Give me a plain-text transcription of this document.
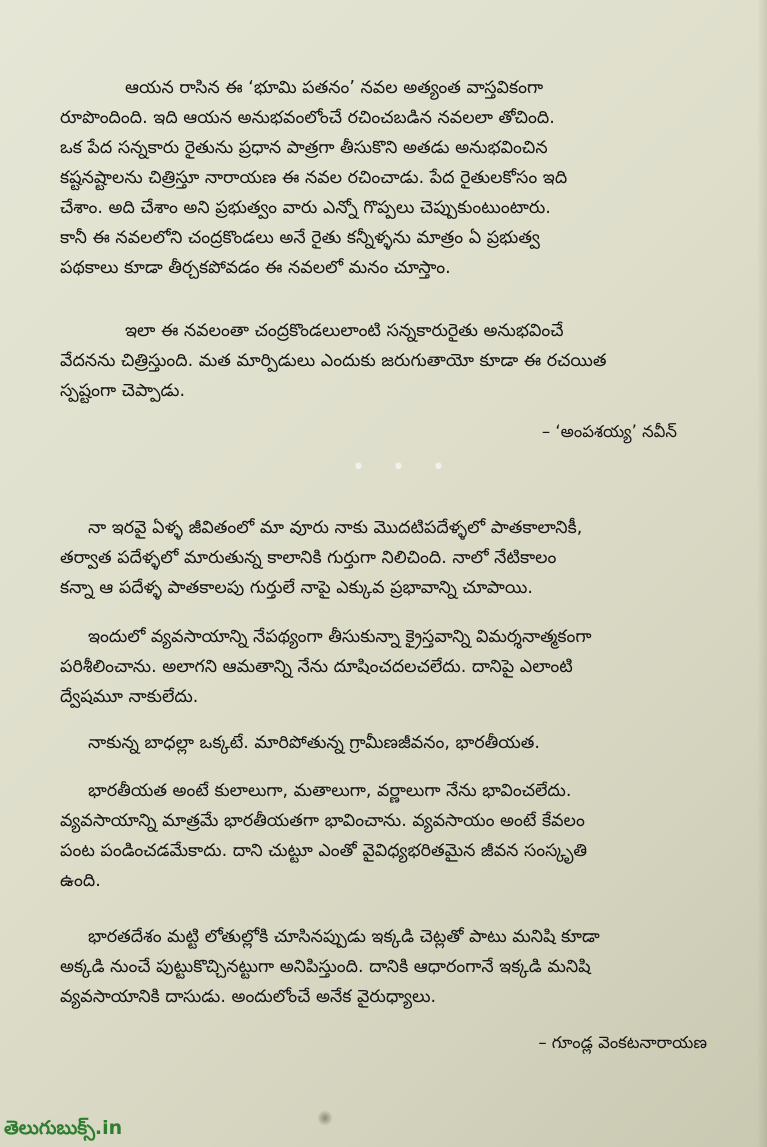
ఆయన రాసిన ఈ ‘భూమి పతనం’ నవల అత్యంత వాస్తవికంగా
రూపొందింది. ఇది ఆయన అనుభవంలోంచే రచించబడిన నవలలా తోచింది.
ఒక పేద సన్నకారు రైతును ప్రధాన పాత్రగా తీసుకొని అతడు అనుభవించిన
కష్టనష్టాలను చిత్రిస్తూ నారాయణ ఈ నవల రచించాడు. పేద రైతులకోసం ఇది
చేశాం. అది చేశాం అని ప్రభుత్వం వారు ఎన్నో గొప్పలు చెప్పుకుంటుంటారు.
కానీ ఈ నవలలోని చంద్రకొండలు అనే రైతు కన్నీళ్ళను మాత్రం ఏ ప్రభుత్వ
పథకాలు కూడా తీర్చకపోవడం ఈ నవలలో మనం చూస్తాం.
ఇలా ఈ నవలంతా చంద్రకొండలులాంటి సన్నకారురైతు అనుభవించే
వేదనను చిత్రిస్తుంది. మత మార్పిడులు ఎందుకు జరుగుతాయో కూడా ఈ రచయిత
స్పష్టంగా చెప్పాడు.
– ‘అంపశయ్య’ నవీన్
• • •
నా ఇరవై ఏళ్ళ జీవితంలో మా వూరు నాకు మొదటిపదేళ్ళలో పాతకాలానికీ,
తర్వాత పదేళ్ళలో మారుతున్న కాలానికి గుర్తుగా నిలిచింది. నాలో నేటికాలం
కన్నా ఆ పదేళ్ళ పాతకాలపు గుర్తులే నాపై ఎక్కువ ప్రభావాన్ని చూపాయి.
ఇందులో వ్యవసాయాన్ని నేపథ్యంగా తీసుకున్నా క్రైస్తవాన్ని విమర్శనాత్మకంగా
పరిశీలించాను. అలాగని ఆమతాన్ని నేను దూషించదలచలేదు. దానిపై ఎలాంటి
ద్వేషమూ నాకులేదు.
నాకున్న బాధల్లా ఒక్కటే. మారిపోతున్న గ్రామీణజీవనం, భారతీయత.
భారతీయత అంటే కులాలుగా, మతాలుగా, వర్ణాలుగా నేను భావించలేదు.
వ్యవసాయాన్ని మాత్రమే భారతీయతగా భావించాను. వ్యవసాయం అంటే కేవలం
పంట పండించడమేకాదు. దాని చుట్టూ ఎంతో వైవిధ్యభరితమైన జీవన సంస్కృతి
ఉంది.
భారతదేశం మట్టి లోతుల్లోకి చూసినప్పుడు ఇక్కడి చెట్లతో పాటు మనిషి కూడా
అక్కడి నుంచే పుట్టుకొచ్చినట్టుగా అనిపిస్తుంది. దానికి ఆధారంగానే ఇక్కడి మనిషి
వ్యవసాయానికి దాసుడు. అందులోంచే అనేక వైరుధ్యాలు.
– గూండ్ల వెంకటనారాయణ
తెలుగుబుక్స్.in
